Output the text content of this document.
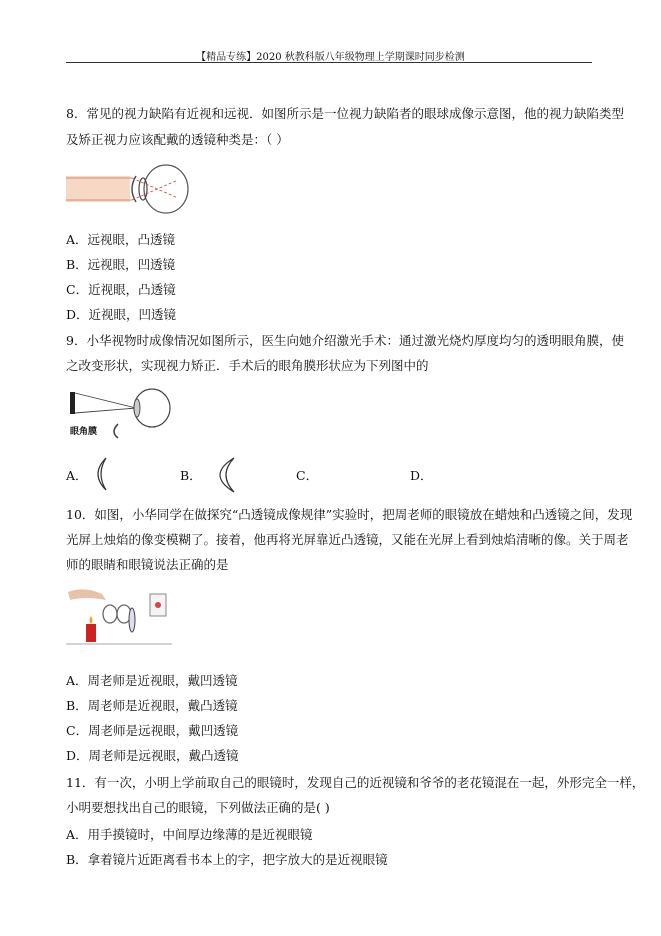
【精品专练】2020 秋教科版八年级物理上学期课时同步检测
8．常见的视力缺陷有近视和远视．如图所示是一位视力缺陷者的眼球成像示意图，他的视力缺陷类型
及矫正视力应该配戴的透镜种类是：（ ）
A．远视眼，凸透镜
B．远视眼，凹透镜
C．近视眼，凸透镜
D．近视眼，凹透镜
9．小华视物时成像情况如图所示，医生向她介绍激光手术：通过激光烧灼厚度均匀的透明眼角膜，使
之改变形状，实现视力矫正．手术后的眼角膜形状应为下列图中的
眼角膜
A．	B．	C．	D．
10．如图，小华同学在做探究“凸透镜成像规律”实验时，把周老师的眼镜放在蜡烛和凸透镜之间，发现
光屏上烛焰的像变模糊了。接着，他再将光屏靠近凸透镜，又能在光屏上看到烛焰清晰的像。关于周老
师的眼睛和眼镜说法正确的是
A．周老师是近视眼，戴凹透镜
B．周老师是近视眼，戴凸透镜
C．周老师是远视眼，戴凹透镜
D．周老师是远视眼，戴凸透镜
11．有一次，小明上学前取自己的眼镜时，发现自己的近视镜和爷爷的老花镜混在一起，外形完全一样，
小明要想找出自己的眼镜，下列做法正确的是( )
A．用手摸镜时，中间厚边缘薄的是近视眼镜
B．拿着镜片近距离看书本上的字，把字放大的是近视眼镜
